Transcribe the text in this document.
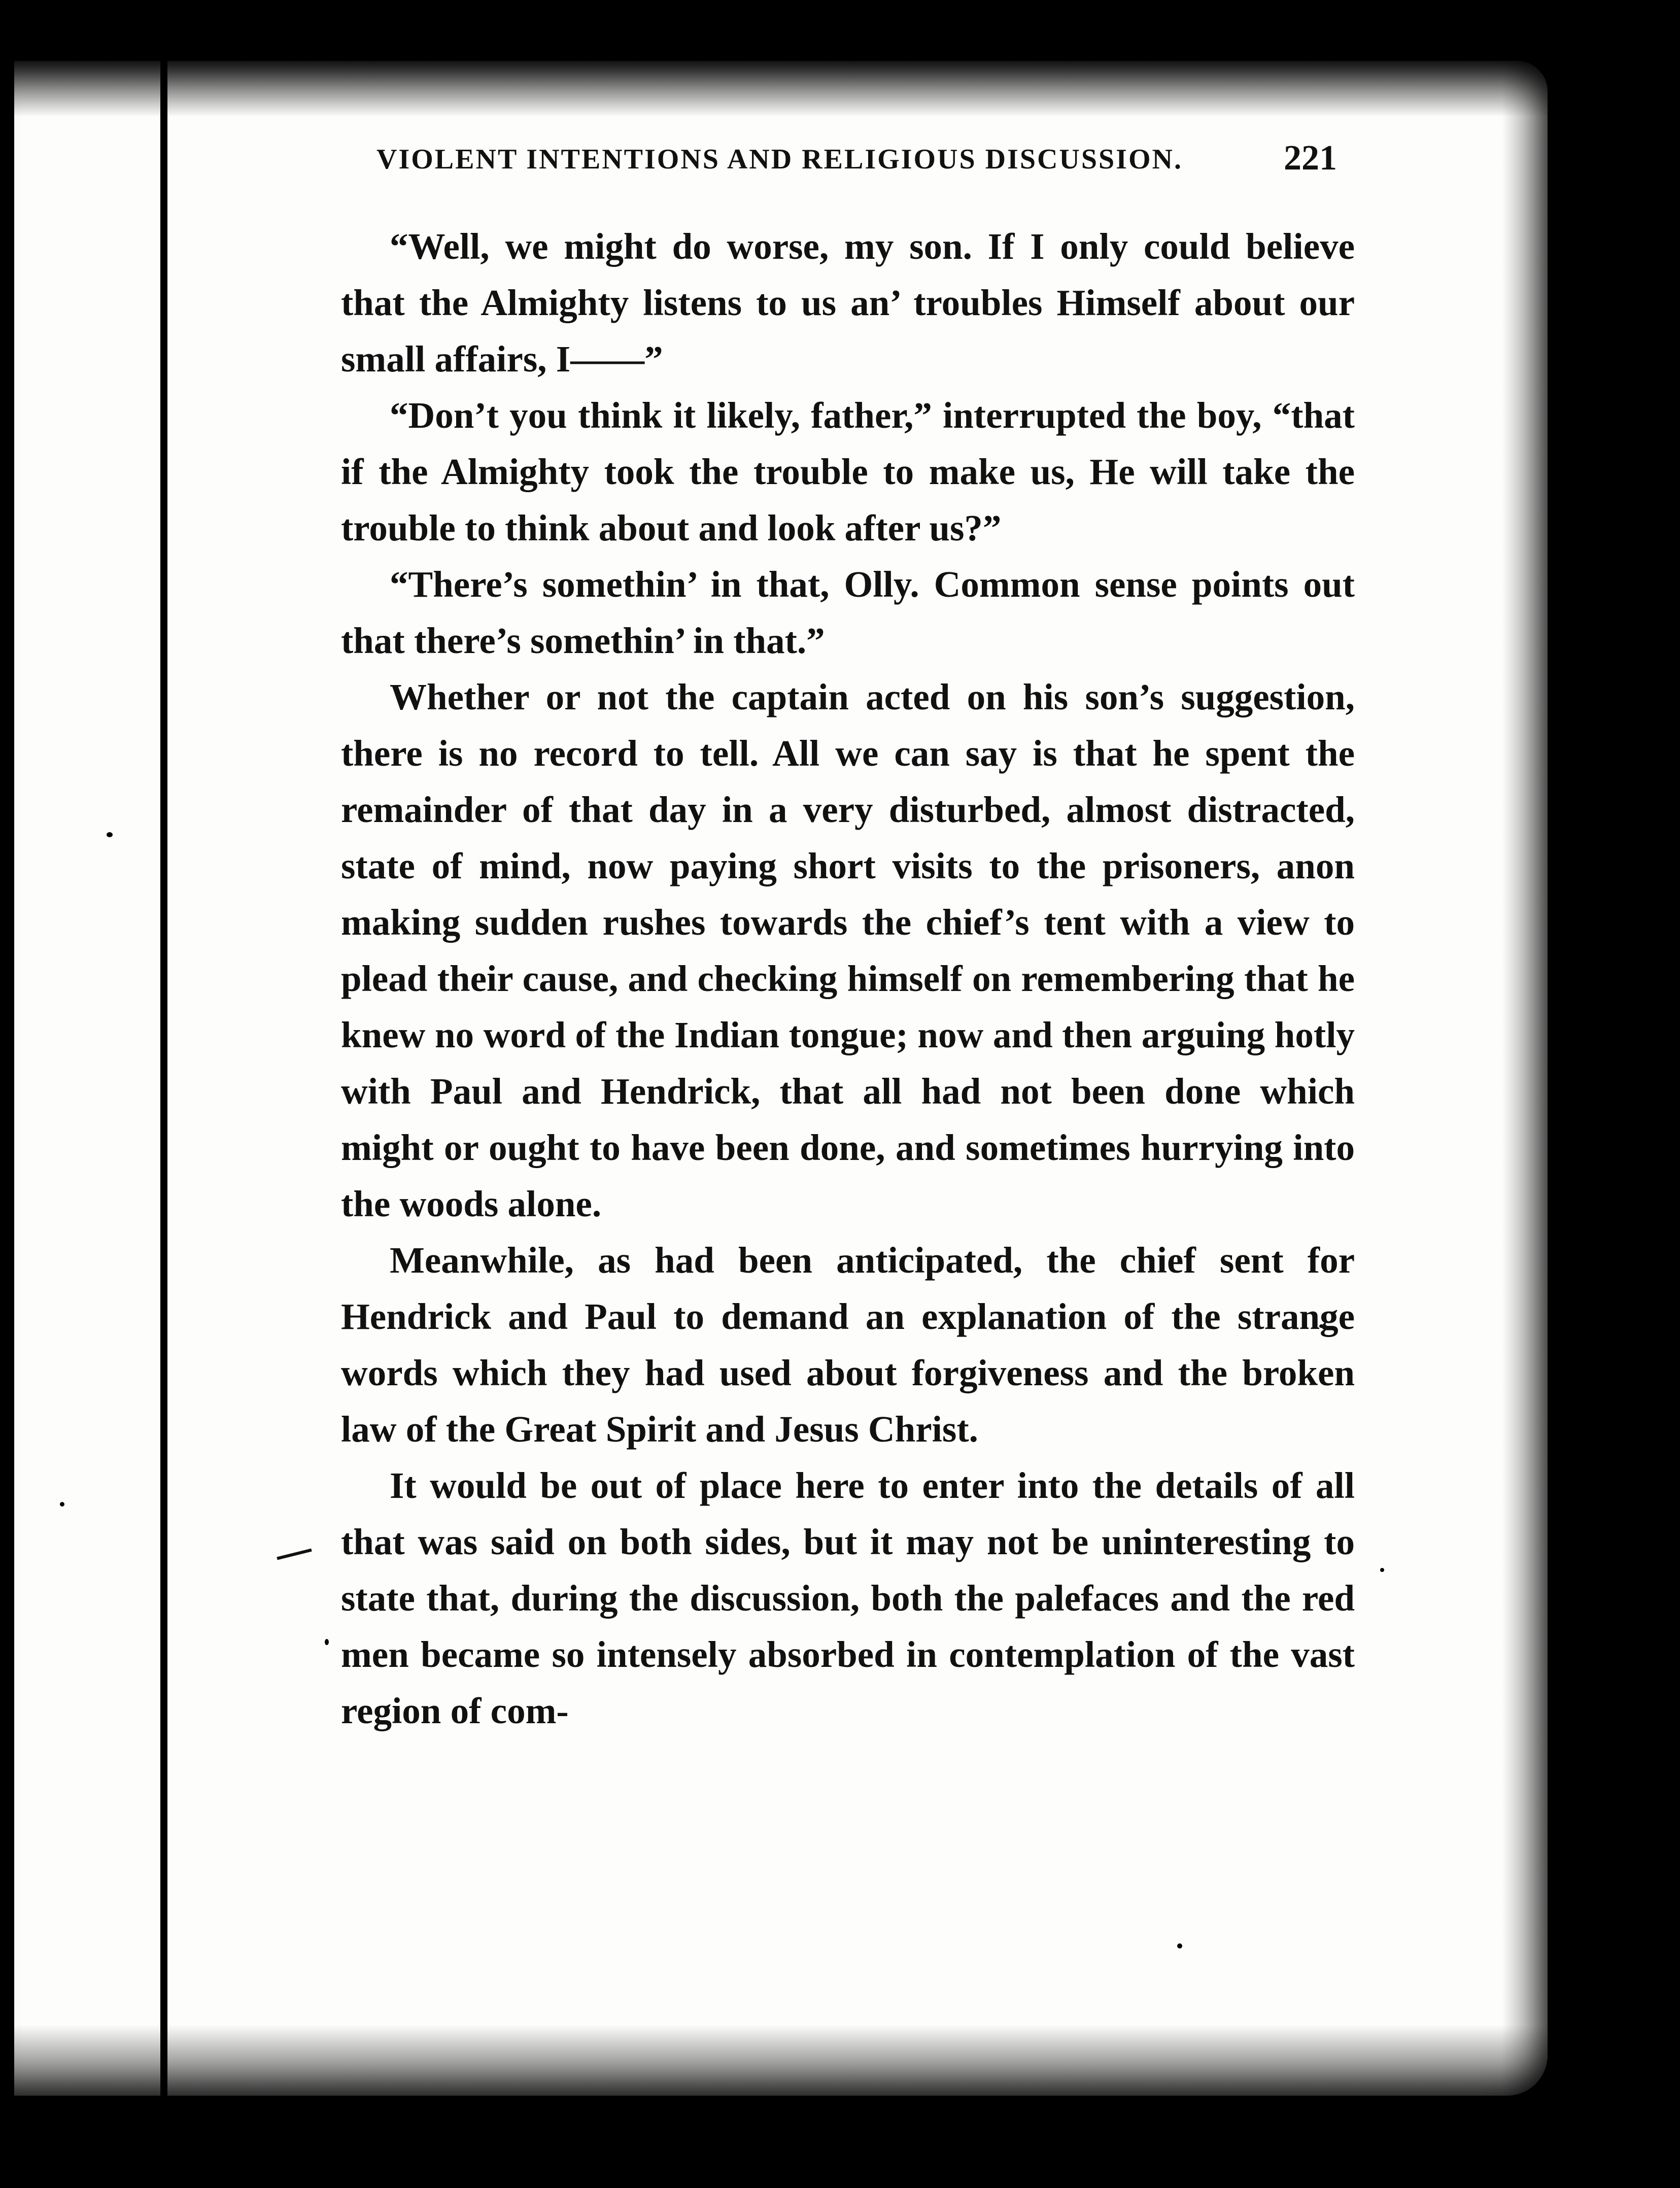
VIOLENT INTENTIONS AND RELIGIOUS DISCUSSION.	221

“Well, we might do worse, my son. If I only could believe that the Almighty listens to us an’ troubles Himself about our small affairs, I——”

“Don’t you think it likely, father,” interrupted the boy, “that if the Almighty took the trouble to make us, He will take the trouble to think about and look after us?”

“There’s somethin’ in that, Olly. Common sense points out that there’s somethin’ in that.”

Whether or not the captain acted on his son’s suggestion, there is no record to tell. All we can say is that he spent the remainder of that day in a very disturbed, almost distracted, state of mind, now paying short visits to the prisoners, anon making sudden rushes towards the chief’s tent with a view to plead their cause, and checking himself on remembering that he knew no word of the Indian tongue; now and then arguing hotly with Paul and Hendrick, that all had not been done which might or ought to have been done, and sometimes hurrying into the woods alone.

Meanwhile, as had been anticipated, the chief sent for Hendrick and Paul to demand an explanation of the strange words which they had used about forgiveness and the broken law of the Great Spirit and Jesus Christ.

It would be out of place here to enter into the details of all that was said on both sides, but it may not be uninteresting to state that, during the discussion, both the palefaces and the red men became so intensely absorbed in contemplation of the vast region of com-
